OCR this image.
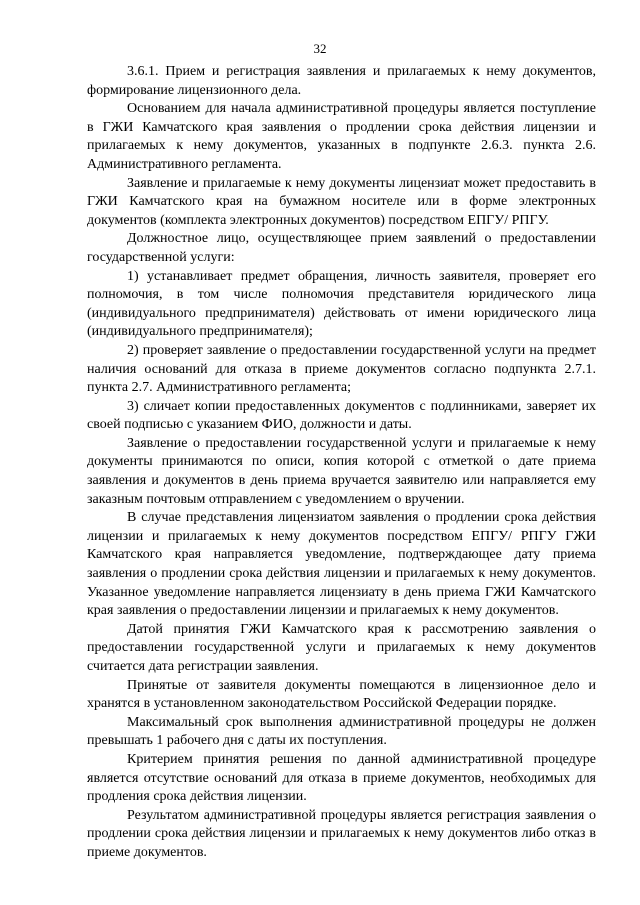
32

3.6.1. Прием и регистрация заявления и прилагаемых к нему документов, формирование лицензионного дела.

Основанием для начала административной процедуры является поступление в ГЖИ Камчатского края заявления о продлении срока действия лицензии и прилагаемых к нему документов, указанных в подпункте 2.6.3. пункта 2.6. Административного регламента.

Заявление и прилагаемые к нему документы лицензиат может предоставить в ГЖИ Камчатского края на бумажном носителе или в форме электронных документов (комплекта электронных документов) посредством ЕПГУ/ РПГУ.

Должностное лицо, осуществляющее прием заявлений о предоставлении государственной услуги:

1) устанавливает предмет обращения, личность заявителя, проверяет его полномочия, в том числе полномочия представителя юридического лица (индивидуального предпринимателя) действовать от имени юридического лица (индивидуального предпринимателя);

2) проверяет заявление о предоставлении государственной услуги на предмет наличия оснований для отказа в приеме документов согласно подпункта 2.7.1. пункта 2.7. Административного регламента;

3) сличает копии предоставленных документов с подлинниками, заверяет их своей подписью с указанием ФИО, должности и даты.

Заявление о предоставлении государственной услуги и прилагаемые к нему документы принимаются по описи, копия которой с отметкой о дате приема заявления и документов в день приема вручается заявителю или направляется ему заказным почтовым отправлением с уведомлением о вручении.

В случае представления лицензиатом заявления о продлении срока действия лицензии и прилагаемых к нему документов посредством ЕПГУ/ РПГУ ГЖИ Камчатского края направляется уведомление, подтверждающее дату приема заявления о продлении срока действия лицензии и прилагаемых к нему документов. Указанное уведомление направляется лицензиату в день приема ГЖИ Камчатского края заявления о предоставлении лицензии и прилагаемых к нему документов.

Датой принятия ГЖИ Камчатского края к рассмотрению заявления о предоставлении государственной услуги и прилагаемых к нему документов считается дата регистрации заявления.

Принятые от заявителя документы помещаются в лицензионное дело и хранятся в установленном законодательством Российской Федерации порядке.

Максимальный срок выполнения административной процедуры не должен превышать 1 рабочего дня с даты их поступления.

Критерием принятия решения по данной административной процедуре является отсутствие оснований для отказа в приеме документов, необходимых для продления срока действия лицензии.

Результатом административной процедуры является регистрация заявления о продлении срока действия лицензии и прилагаемых к нему документов либо отказ в приеме документов.
